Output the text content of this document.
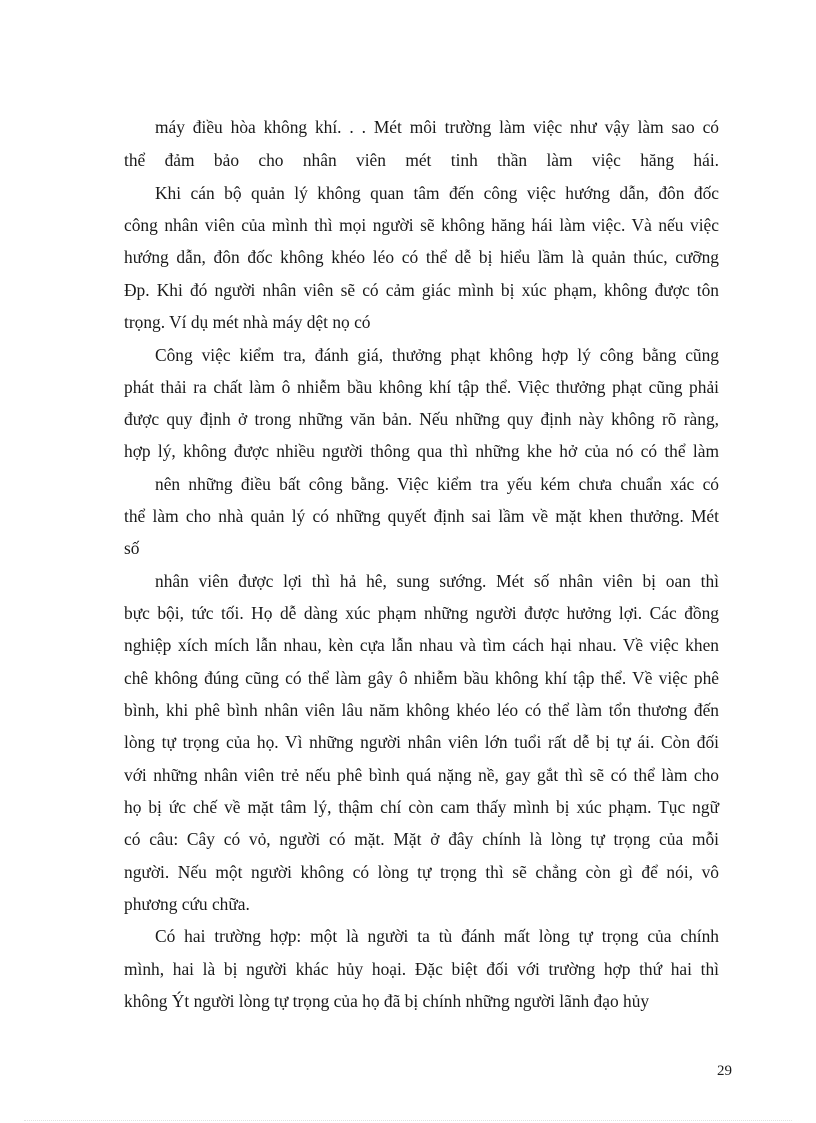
máy điều hòa không khí. . . Mét môi trường làm việc như vậy làm sao có
thể đảm bảo cho nhân viên mét tinh thần làm việc hăng hái.
Khi cán bộ quản lý không quan tâm đến công việc hướng dẫn, đôn đốc
công nhân viên của mình thì mọi người sẽ không hăng hái làm việc. Và nếu việc
hướng dẫn, đôn đốc không khéo léo có thể dễ bị hiểu lầm là quản thúc, cưỡng
Đp. Khi đó người nhân viên sẽ có cảm giác mình bị xúc phạm, không được tôn
trọng. Ví dụ mét nhà máy dệt nọ có
Công việc kiểm tra, đánh giá, thưởng phạt không hợp lý công bằng cũng
phát thải ra chất làm ô nhiễm bầu không khí tập thể. Việc thưởng phạt cũng phải
được quy định ở trong những văn bản. Nếu những quy định này không rõ ràng,
hợp lý, không được nhiều người thông qua thì những khe hở của nó có thể làm
nên những điều bất công bằng. Việc kiểm tra yếu kém chưa chuẩn xác có
thể làm cho nhà quản lý có những quyết định sai lầm về mặt khen thưởng. Mét
số
nhân viên được lợi thì hả hê, sung sướng. Mét số nhân viên bị oan thì
bực bội, tức tối. Họ dễ dàng xúc phạm những người được hưởng lợi. Các đồng
nghiệp xích mích lẫn nhau, kèn cựa lẫn nhau và tìm cách hại nhau. Về việc khen
chê không đúng cũng có thể làm gây ô nhiễm bầu không khí tập thể. Về việc phê
bình, khi phê bình nhân viên lâu năm không khéo léo có thể làm tổn thương đến
lòng tự trọng của họ. Vì những người nhân viên lớn tuổi rất dễ bị tự ái. Còn đối
với những nhân viên trẻ nếu phê bình quá nặng nề, gay gắt thì sẽ có thể làm cho
họ bị ức chế về mặt tâm lý, thậm chí còn cam thấy mình bị xúc phạm. Tục ngữ
có câu: Cây có vỏ, người có mặt. Mặt ở đây chính là lòng tự trọng của mỗi
người. Nếu một người không có lòng tự trọng thì sẽ chẳng còn gì để nói, vô
phương cứu chữa.
Có hai trường hợp: một là người ta tù đánh mất lòng tự trọng của chính
mình, hai là bị người khác hủy hoại. Đặc biệt đối với trường hợp thứ hai thì
không Ýt người lòng tự trọng của họ đã bị chính những người lãnh đạo hủy
29
